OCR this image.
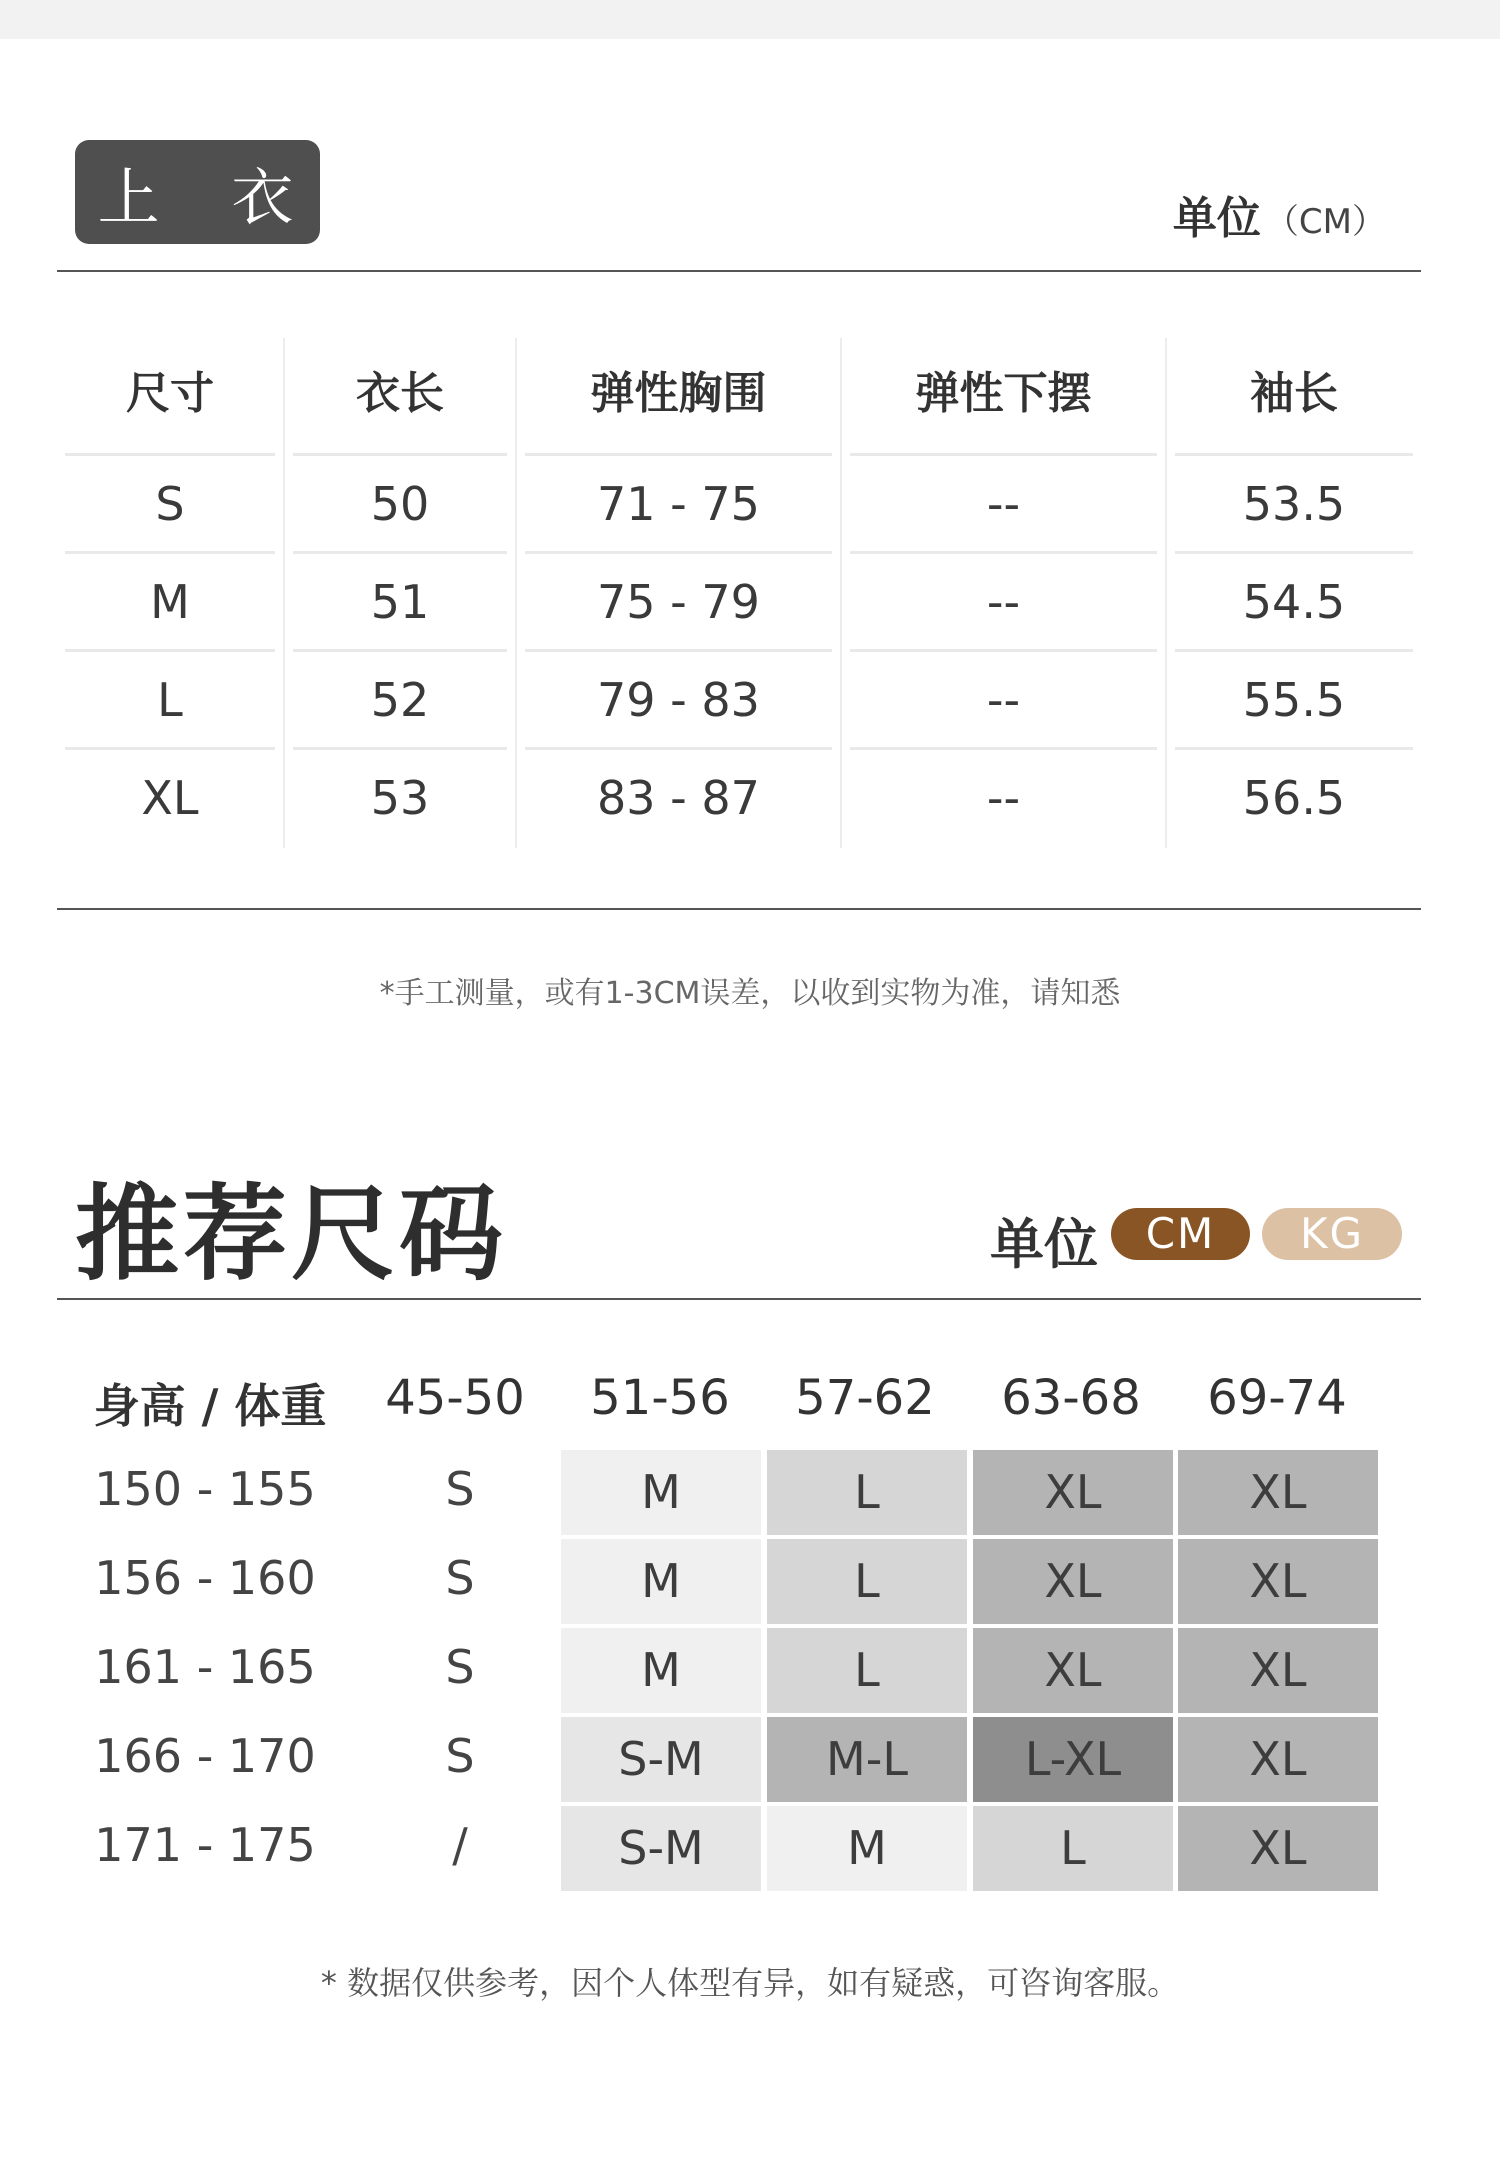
上 衣	单位 （CM）
尺寸	衣长	弹性胸围	弹性下摆	袖长
S	50	71 - 75	--	53.5
M	51	75 - 79	--	54.5
L	52	79 - 83	--	55.5
XL	53	83 - 87	--	56.5
*手工测量，或有1-3CM误差，以收到实物为准，请知悉
推荐尺码	单位	CM	KG
身高 / 体重 45-50 51-56 57-62 63-68 69-74
150 - 155	S	M	L	XL	XL
156 - 160	S	M	L	XL	XL
161 - 165	S	M	L	XL	XL
166 - 170	S	S-M	M-L	L-XL	XL
171 - 175	/	S-M	M	L	XL
* 数据仅供参考，因个人体型有异，如有疑惑，可咨询客服。
